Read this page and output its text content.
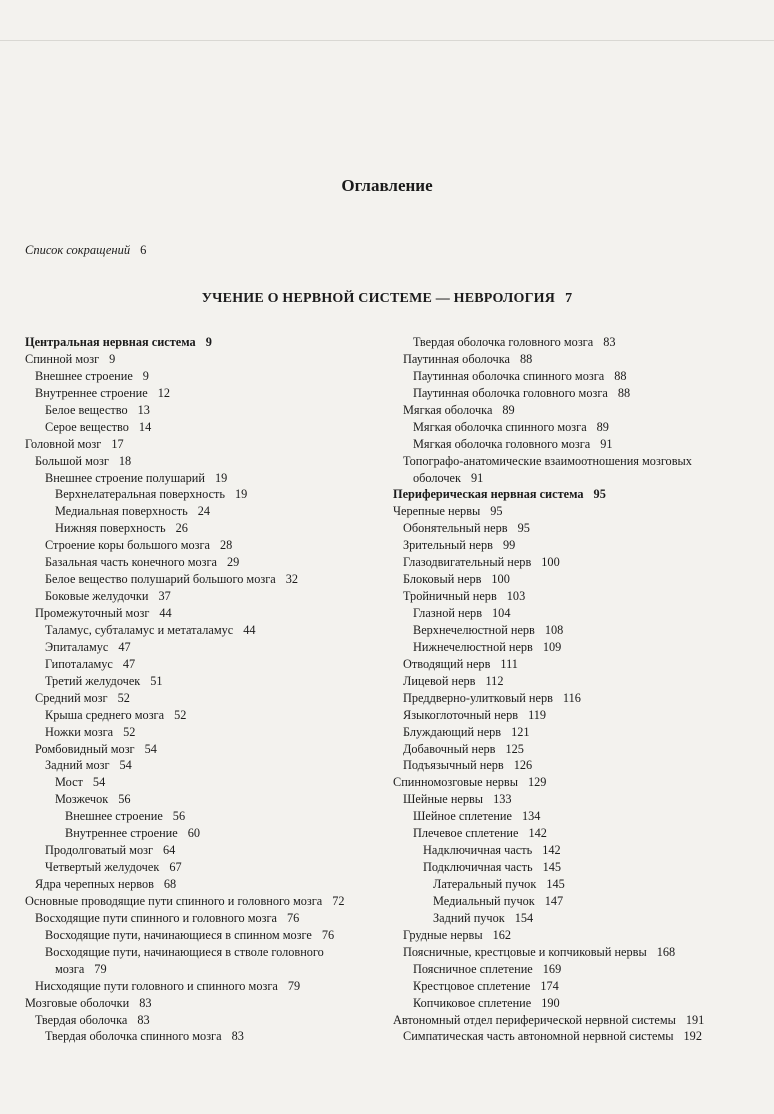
Оглавление
Список сокращений 6
УЧЕНИЕ О НЕРВНОЙ СИСТЕМЕ — НЕВРОЛОГИЯ 7
Центральная нервная система 9
Спинной мозг 9
Внешнее строение 9
Внутреннее строение 12
Белое вещество 13
Серое вещество 14
Головной мозг 17
Большой мозг 18
Внешнее строение полушарий 19
Верхнелатеральная поверхность 19
Медиальная поверхность 24
Нижняя поверхность 26
Строение коры большого мозга 28
Базальная часть конечного мозга 29
Белое вещество полушарий большого мозга 32
Боковые желудочки 37
Промежуточный мозг 44
Таламус, субталамус и метаталамус 44
Эпиталамус 47
Гипоталамус 47
Третий желудочек 51
Средний мозг 52
Крыша среднего мозга 52
Ножки мозга 52
Ромбовидный мозг 54
Задний мозг 54
Мост 54
Мозжечок 56
Внешнее строение 56
Внутреннее строение 60
Продолговатый мозг 64
Четвертый желудочек 67
Ядра черепных нервов 68
Основные проводящие пути спинного и головного мозга 72
Восходящие пути спинного и головного мозга 76
Восходящие пути, начинающиеся в спинном мозге 76
Восходящие пути, начинающиеся в стволе головного
мозга 79
Нисходящие пути головного и спинного мозга 79
Мозговые оболочки 83
Твердая оболочка 83
Твердая оболочка спинного мозга 83
Твердая оболочка головного мозга 83
Паутинная оболочка 88
Паутинная оболочка спинного мозга 88
Паутинная оболочка головного мозга 88
Мягкая оболочка 89
Мягкая оболочка спинного мозга 89
Мягкая оболочка головного мозга 91
Топографо-анатомические взаимоотношения мозговых
оболочек 91
Периферическая нервная система 95
Черепные нервы 95
Обонятельный нерв 95
Зрительный нерв 99
Глазодвигательный нерв 100
Блоковый нерв 100
Тройничный нерв 103
Глазной нерв 104
Верхнечелюстной нерв 108
Нижнечелюстной нерв 109
Отводящий нерв 111
Лицевой нерв 112
Преддверно-улитковый нерв 116
Языкоглоточный нерв 119
Блуждающий нерв 121
Добавочный нерв 125
Подъязычный нерв 126
Спинномозговые нервы 129
Шейные нервы 133
Шейное сплетение 134
Плечевое сплетение 142
Надключичная часть 142
Подключичная часть 145
Латеральный пучок 145
Медиальный пучок 147
Задний пучок 154
Грудные нервы 162
Поясничные, крестцовые и копчиковый нервы 168
Поясничное сплетение 169
Крестцовое сплетение 174
Копчиковое сплетение 190
Автономный отдел периферической нервной системы 191
Симпатическая часть автономной нервной системы 192
